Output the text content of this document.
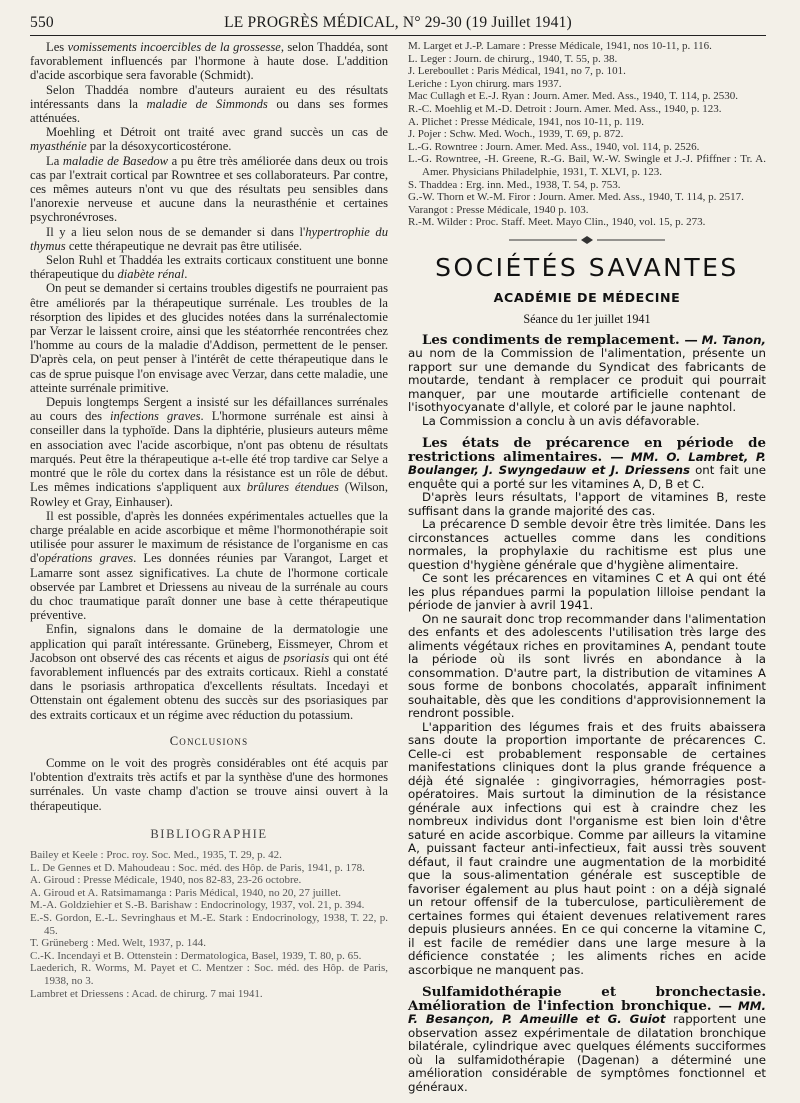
550	LE PROGRÈS MÉDICAL, N° 29-30 (19 Juillet 1941)

Les vomissements incoercibles de la grossesse, selon Thaddéa, sont favorablement influencés par l'hormone à haute dose. L'addition d'acide ascorbique sera favorable (Schmidt).

Selon Thaddéa nombre d'auteurs auraient eu des résultats intéressants dans la maladie de Simmonds ou dans ses formes atténuées.

Moehling et Détroit ont traité avec grand succès un cas de myasthénie par la désoxycorticostérone.

La maladie de Basedow a pu être très améliorée dans deux ou trois cas par l'extrait cortical par Rowntree et ses collaborateurs. Par contre, ces mêmes auteurs n'ont vu que des résultats peu sensibles dans l'anorexie nerveuse et aucune dans la neurasthénie et certaines psychronévroses.

Il y a lieu selon nous de se demander si dans l'hypertrophie du thymus cette thérapeutique ne devrait pas être utilisée.

Selon Ruhl et Thaddéa les extraits corticaux constituent une bonne thérapeutique du diabète rénal.

On peut se demander si certains troubles digestifs ne pourraient pas être améliorés par la thérapeutique surrénale. Les troubles de la résorption des lipides et des glucides notées dans la surrénalectomie par Verzar le laissent croire, ainsi que les stéatorrhée rencontrées chez l'homme au cours de la maladie d'Addison, permettent de le penser. D'après cela, on peut penser à l'intérêt de cette thérapeutique dans le cas de sprue puisque l'on envisage avec Verzar, dans cette maladie, une atteinte surrénale primitive.

Depuis longtemps Sergent a insisté sur les défaillances surrénales au cours des infections graves. L'hormone surrénale est ainsi à conseiller dans la typhoïde. Dans la diphtérie, plusieurs auteurs même en association avec l'acide ascorbique, n'ont pas obtenu de résultats marqués. Peut être la thérapeutique a-t-elle été trop tardive car Selye a montré que le rôle du cortex dans la résistance est un rôle de début. Les mêmes indications s'appliquent aux brûlures étendues (Wilson, Rowley et Gray, Einhauser).

Il est possible, d'après les données expérimentales actuelles que la charge préalable en acide ascorbique et même l'hormonothérapie soit utilisée pour assurer le maximum de résistance de l'organisme en cas d'opérations graves. Les données réunies par Varangot, Larget et Lamarre sont assez significatives. La chute de l'hormone corticale observée par Lambret et Driessens au niveau de la surrénale au cours du choc traumatique paraît donner une base à cette thérapeutique préventive.

Enfin, signalons dans le domaine de la dermatologie une application qui paraît intéressante. Grüneberg, Eissmeyer, Chrom et Jacobson ont observé des cas récents et aigus de psoriasis qui ont été favorablement influencés par des extraits corticaux. Riehl a constaté dans le psoriasis arthropatica d'excellents résultats. Incedayi et Ottenstain ont également obtenu des succès sur des psoriasiques par des extraits corticaux et un régime avec réduction du potassium.

Conclusions

Comme on le voit des progrès considérables ont été acquis par l'obtention d'extraits très actifs et par la synthèse d'une des hormones surrénales. Un vaste champ d'action se trouve ainsi ouvert à la thérapeutique.

BIBLIOGRAPHIE

Bailey et Keele : Proc. roy. Soc. Med., 1935, T. 29, p. 42.

L. De Gennes et D. Mahoudeau : Soc. méd. des Hôp. de Paris, 1941, p. 178.

A. Giroud : Presse Médicale, 1940, nos 82-83, 23-26 octobre.

A. Giroud et A. Ratsimamanga : Paris Médical, 1940, no 20, 27 juillet.

M.-A. Goldziehier et S.-B. Barishaw : Endocrinology, 1937, vol. 21, p. 394.

E.-S. Gordon, E.-L. Sevringhaus et M.-E. Stark : Endocrinology, 1938, T. 22, p. 45.

T. Grüneberg : Med. Welt, 1937, p. 144.

C.-K. Incendayi et B. Ottenstein : Dermatologica, Basel, 1939, T. 80, p. 65.

Laederich, R. Worms, M. Payet et C. Mentzer : Soc. méd. des Hôp. de Paris, 1938, no 3.

Lambret et Driessens : Acad. de chirurg. 7 mai 1941.

M. Larget et J.-P. Lamare : Presse Médicale, 1941, nos 10-11, p. 116.

L. Leger : Journ. de chirurg., 1940, T. 55, p. 38.

J. Lereboullet : Paris Médical, 1941, no 7, p. 101.

Leriche : Lyon chirurg. mars 1937.

Mac Cullagh et E.-J. Ryan : Journ. Amer. Med. Ass., 1940, T. 114, p. 2530.

R.-C. Moehlig et M.-D. Detroit : Journ. Amer. Med. Ass., 1940, p. 123.

A. Plichet : Presse Médicale, 1941, nos 10-11, p. 119.

J. Pojer : Schw. Med. Woch., 1939, T. 69, p. 872.

L.-G. Rowntree : Journ. Amer. Med. Ass., 1940, vol. 114, p. 2526.

L.-G. Rowntree, -H. Greene, R.-G. Bail, W.-W. Swingle et J.-J. Pfiffner : Tr. A. Amer. Physicians Philadelphie, 1931, T. XLVI, p. 123.

S. Thaddea : Erg. inn. Med., 1938, T. 54, p. 753.

G.-W. Thorn et W.-M. Firor : Journ. Amer. Med. Ass., 1940, T. 114, p. 2517.

Varangot : Presse Médicale, 1940 p. 103.

R.-M. Wilder : Proc. Staff. Meet. Mayo Clin., 1940, vol. 15, p. 273.

SOCIÉTÉS SAVANTES
ACADÉMIE DE MÉDECINE
Séance du 1er juillet 1941

Les condiments de remplacement. — M. Tanon, au nom de la Commission de l'alimentation, présente un rapport sur une demande du Syndicat des fabricants de moutarde, tendant à remplacer ce produit qui pourrait manquer, par une moutarde artificielle contenant de l'isothyocyanate d'allyle, et coloré par le jaune naphtol.

La Commission a conclu à un avis défavorable.

Les états de précarence en période de restrictions alimentaires. — MM. O. Lambret, P. Boulanger, J. Swyngedauw et J. Driessens ont fait une enquête qui a porté sur les vitamines A, D, B et C.

D'après leurs résultats, l'apport de vitamines B, reste suffisant dans la grande majorité des cas.

La précarence D semble devoir être très limitée. Dans les circonstances actuelles comme dans les conditions normales, la prophylaxie du rachitisme est plus une question d'hygiène générale que d'hygiène alimentaire.

Ce sont les précarences en vitamines C et A qui ont été les plus répandues parmi la population lilloise pendant la période de janvier à avril 1941.

On ne saurait donc trop recommander dans l'alimentation des enfants et des adolescents l'utilisation très large des aliments végétaux riches en provitamines A, pendant toute la période où ils sont livrés en abondance à la consommation. D'autre part, la distribution de vitamines A sous forme de bonbons chocolatés, apparaît infiniment souhaitable, dès que les conditions d'approvisionnement la rendront possible.

L'apparition des légumes frais et des fruits abaissera sans doute la proportion importante de précarences C. Celle-ci est probablement responsable de certaines manifestations cliniques dont la plus grande fréquence a déjà été signalée : gingivorragies, hémorragies post-opératoires. Mais surtout la diminution de la résistance générale aux infections qui est à craindre chez les nombreux individus dont l'organisme est bien loin d'être saturé en acide ascorbique. Comme par ailleurs la vitamine A, puissant facteur anti-infectieux, fait aussi très souvent défaut, il faut craindre une augmentation de la morbidité que la sous-alimentation générale est susceptible de favoriser également au plus haut point : on a déjà signalé un retour offensif de la tuberculose, particulièrement de certaines formes qui étaient devenues relativement rares depuis plusieurs années. En ce qui concerne la vitamine C, il est facile de remédier dans une large mesure à la déficience constatée ; les aliments riches en acide ascorbique ne manquent pas.

Sulfamidothérapie et bronchectasie. Amélioration de l'infection bronchique. — MM. F. Besançon, P. Ameuille et G. Guiot rapportent une observation assez expérimentale de dilatation bronchique bilatérale, cylindrique avec quelques éléments succiformes où la sulfamidothérapie (Dagenan) a déterminé une amélioration considérable de symptômes fonctionnel et généraux.
